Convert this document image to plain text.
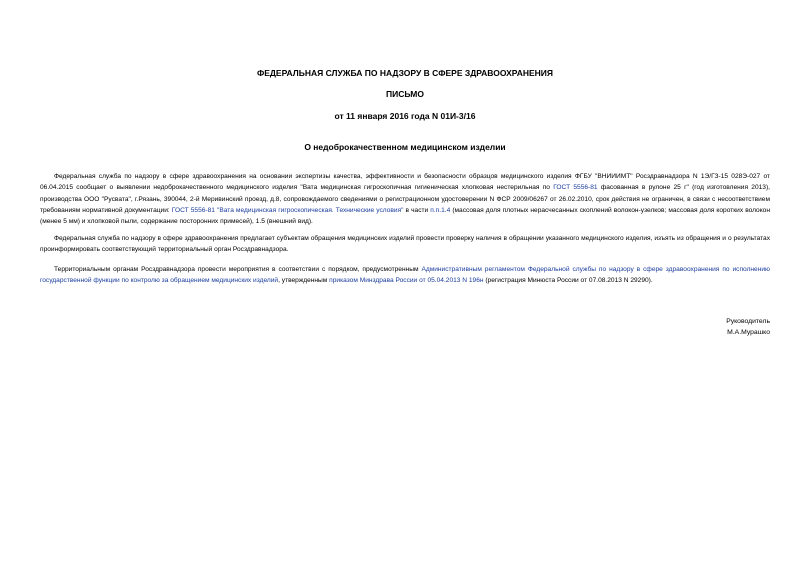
ФЕДЕРАЛЬНАЯ СЛУЖБА ПО НАДЗОРУ В СФЕРЕ ЗДРАВООХРАНЕНИЯ

ПИСЬМО

от 11 января 2016 года N 01И-3/16

О недоброкачественном медицинском изделии

Федеральная служба по надзору в сфере здравоохранения на основании экспертизы качества, эффективности и безопасности образцов медицинского изделия ФГБУ "ВНИИИМТ" Росздравнадзора N 1Э/ГЗ-15 028Э-027 от 06.04.2015 сообщает о выявлении недоброкачественного медицинского изделия "Вата медицинская гигроскопичная гигиеническая хлопковая нестерильная по ГОСТ 5556-81 фасованная в рулоне 25 г" (год изготовления 2013), производства ООО "Русвата", г.Рязань, 390044, 2-й Меривинский проезд, д.8, сопровождаемого сведениями о регистрационном удостоверении N ФСР 2009/06267 от 26.02.2010, срок действия не ограничен, в связи с несоответствием требованиям нормативной документации: ГОСТ 5556-81 "Вата медицинская гигроскопическая. Технические условия" в части п.п.1.4 (массовая доля плотных нерасчесанных скоплений волокон-узелков; массовая доля коротких волокон (менее 5 мм) и хлопковой пыли, содержание посторонних примесей), 1.5 (внешний вид).

Федеральная служба по надзору в сфере здравоохранения предлагает субъектам обращения медицинских изделий провести проверку наличия в обращении указанного медицинского изделия, изъять из обращения и о результатах проинформировать соответствующий территориальный орган Росздравнадзора.

Территориальным органам Росздравнадзора провести мероприятия в соответствии с порядком, предусмотренным Административным регламентом Федеральной службы по надзору в сфере здравоохранения по исполнению государственной функции по контролю за обращением медицинских изделий, утвержденным приказом Минздрава России от 05.04.2013 N 196н (регистрация Минюста России от 07.08.2013 N 29290).

Руководитель
М.А.Мурашко
